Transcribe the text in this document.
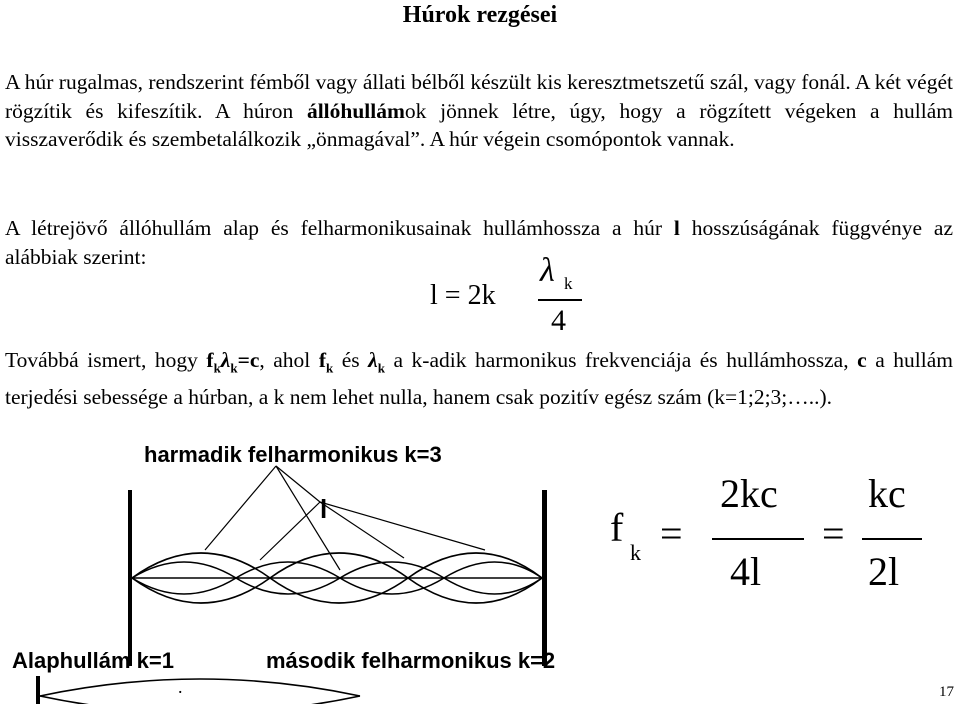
Húrok rezgései

A húr rugalmas, rendszerint fémből vagy állati bélből készült kis keresztmetszetű szál, vagy fonál. A két végét rögzítik és kifeszítik. A húron állóhullámok jönnek létre, úgy, hogy a rögzített végeken a hullám visszaverődik és szembetalálkozik „önmagával”. A húr végein csomópontok vannak.

A létrejövő állóhullám alap és felharmonikusainak hullámhossza a húr l hosszúságának függvénye az alábbiak szerint:

l = 2k
λ k
4

Továbbá ismert, hogy $f_k\lambda_k=c$, ahol $f_k$ és $\lambda_k$ a k-adik harmonikus frekvenciája és hullámhossza, c a hullám terjedési sebessége a húrban, a k nem lehet nulla, hanem csak pozitív egész szám (k=1;2;3;…..).

l
harmadik felharmonikus k=3
Alaphullám k=1	második felharmonikus k=2
f
k =
2kc
4l
=
kc
2l
.	17
